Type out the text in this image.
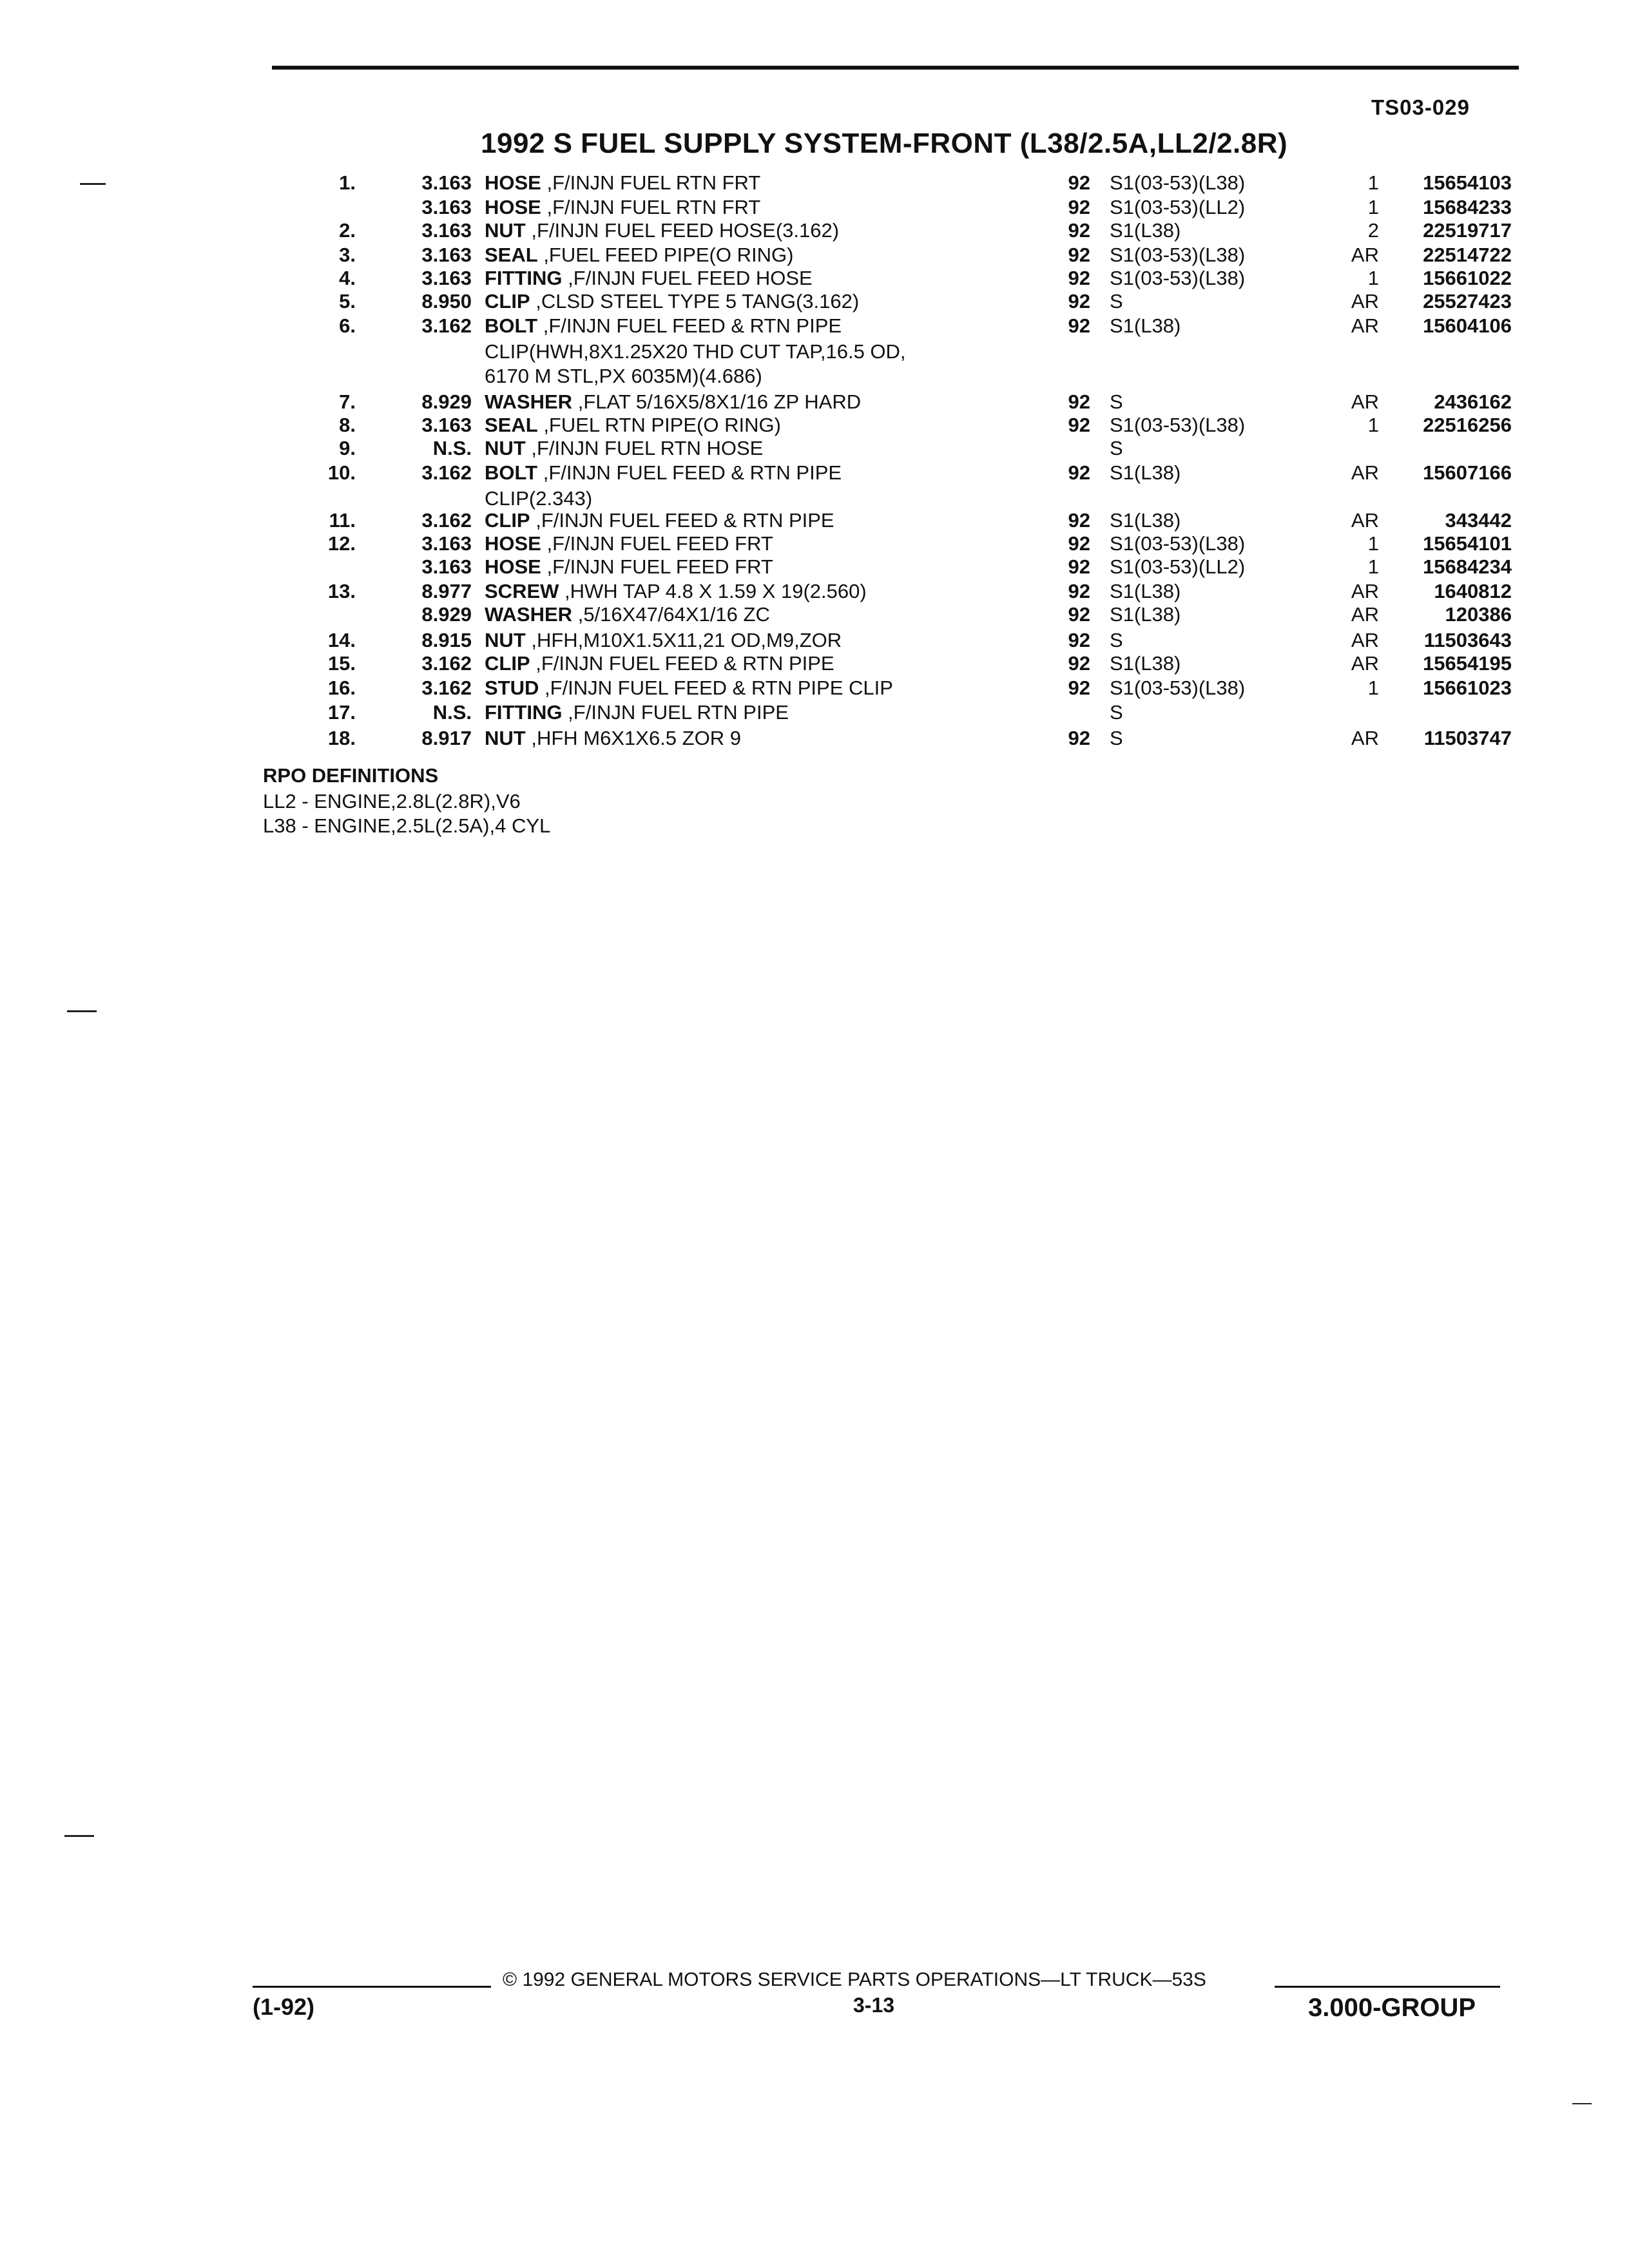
TS03-029
1992 S FUEL SUPPLY SYSTEM-FRONT (L38/2.5A,LL2/2.8R)
1.	3.163 HOSE ,F/INJN FUEL RTN FRT	92 S1(03-53)(L38)	1	15654103
3.163 HOSE ,F/INJN FUEL RTN FRT	92 S1(03-53)(LL2)	1	15684233
2.	3.163 NUT ,F/INJN FUEL FEED HOSE(3.162)	92 S1(L38)	2	22519717
3.	3.163 SEAL ,FUEL FEED PIPE(O RING)	92 S1(03-53)(L38)	AR	22514722
4.	3.163 FITTING ,F/INJN FUEL FEED HOSE	92 S1(03-53)(L38)	1	15661022
5.	8.950 CLIP ,CLSD STEEL TYPE 5 TANG(3.162)	92 S	AR	25527423
6.	3.162 BOLT ,F/INJN FUEL FEED & RTN PIPE	92 S1(L38)	AR	15604106
CLIP(HWH,8X1.25X20 THD CUT TAP,16.5 OD,
6170 M STL,PX 6035M)(4.686)
7.	8.929 WASHER ,FLAT 5/16X5/8X1/16 ZP HARD	92 S	AR	2436162
8.	3.163 SEAL ,FUEL RTN PIPE(O RING)	92 S1(03-53)(L38)	1	22516256
9.	N.S. NUT ,F/INJN FUEL RTN HOSE	S
10.	3.162 BOLT ,F/INJN FUEL FEED & RTN PIPE	92 S1(L38)	AR	15607166
CLIP(2.343)
11.	3.162 CLIP ,F/INJN FUEL FEED & RTN PIPE	92 S1(L38)	AR	343442
12.	3.163 HOSE ,F/INJN FUEL FEED FRT	92 S1(03-53)(L38)	1	15654101
3.163 HOSE ,F/INJN FUEL FEED FRT	92 S1(03-53)(LL2)	1	15684234
13.	8.977 SCREW ,HWH TAP 4.8 X 1.59 X 19(2.560)	92 S1(L38)	AR	1640812
8.929 WASHER ,5/16X47/64X1/16 ZC	92 S1(L38)	AR	120386
14.	8.915 NUT ,HFH,M10X1.5X11,21 OD,M9,ZOR	92 S	AR	11503643
15.	3.162 CLIP ,F/INJN FUEL FEED & RTN PIPE	92 S1(L38)	AR	15654195
16.	3.162 STUD ,F/INJN FUEL FEED & RTN PIPE CLIP	92 S1(03-53)(L38)	1	15661023
17.	N.S. FITTING ,F/INJN FUEL RTN PIPE	S
18.	8.917 NUT ,HFH M6X1X6.5 ZOR 9	92 S	AR	11503747
RPO DEFINITIONS
LL2 - ENGINE,2.8L(2.8R),V6
L38 - ENGINE,2.5L(2.5A),4 CYL
© 1992 GENERAL MOTORS SERVICE PARTS OPERATIONS—LT TRUCK—53S
(1-92)	3-13	3.000-GROUP
